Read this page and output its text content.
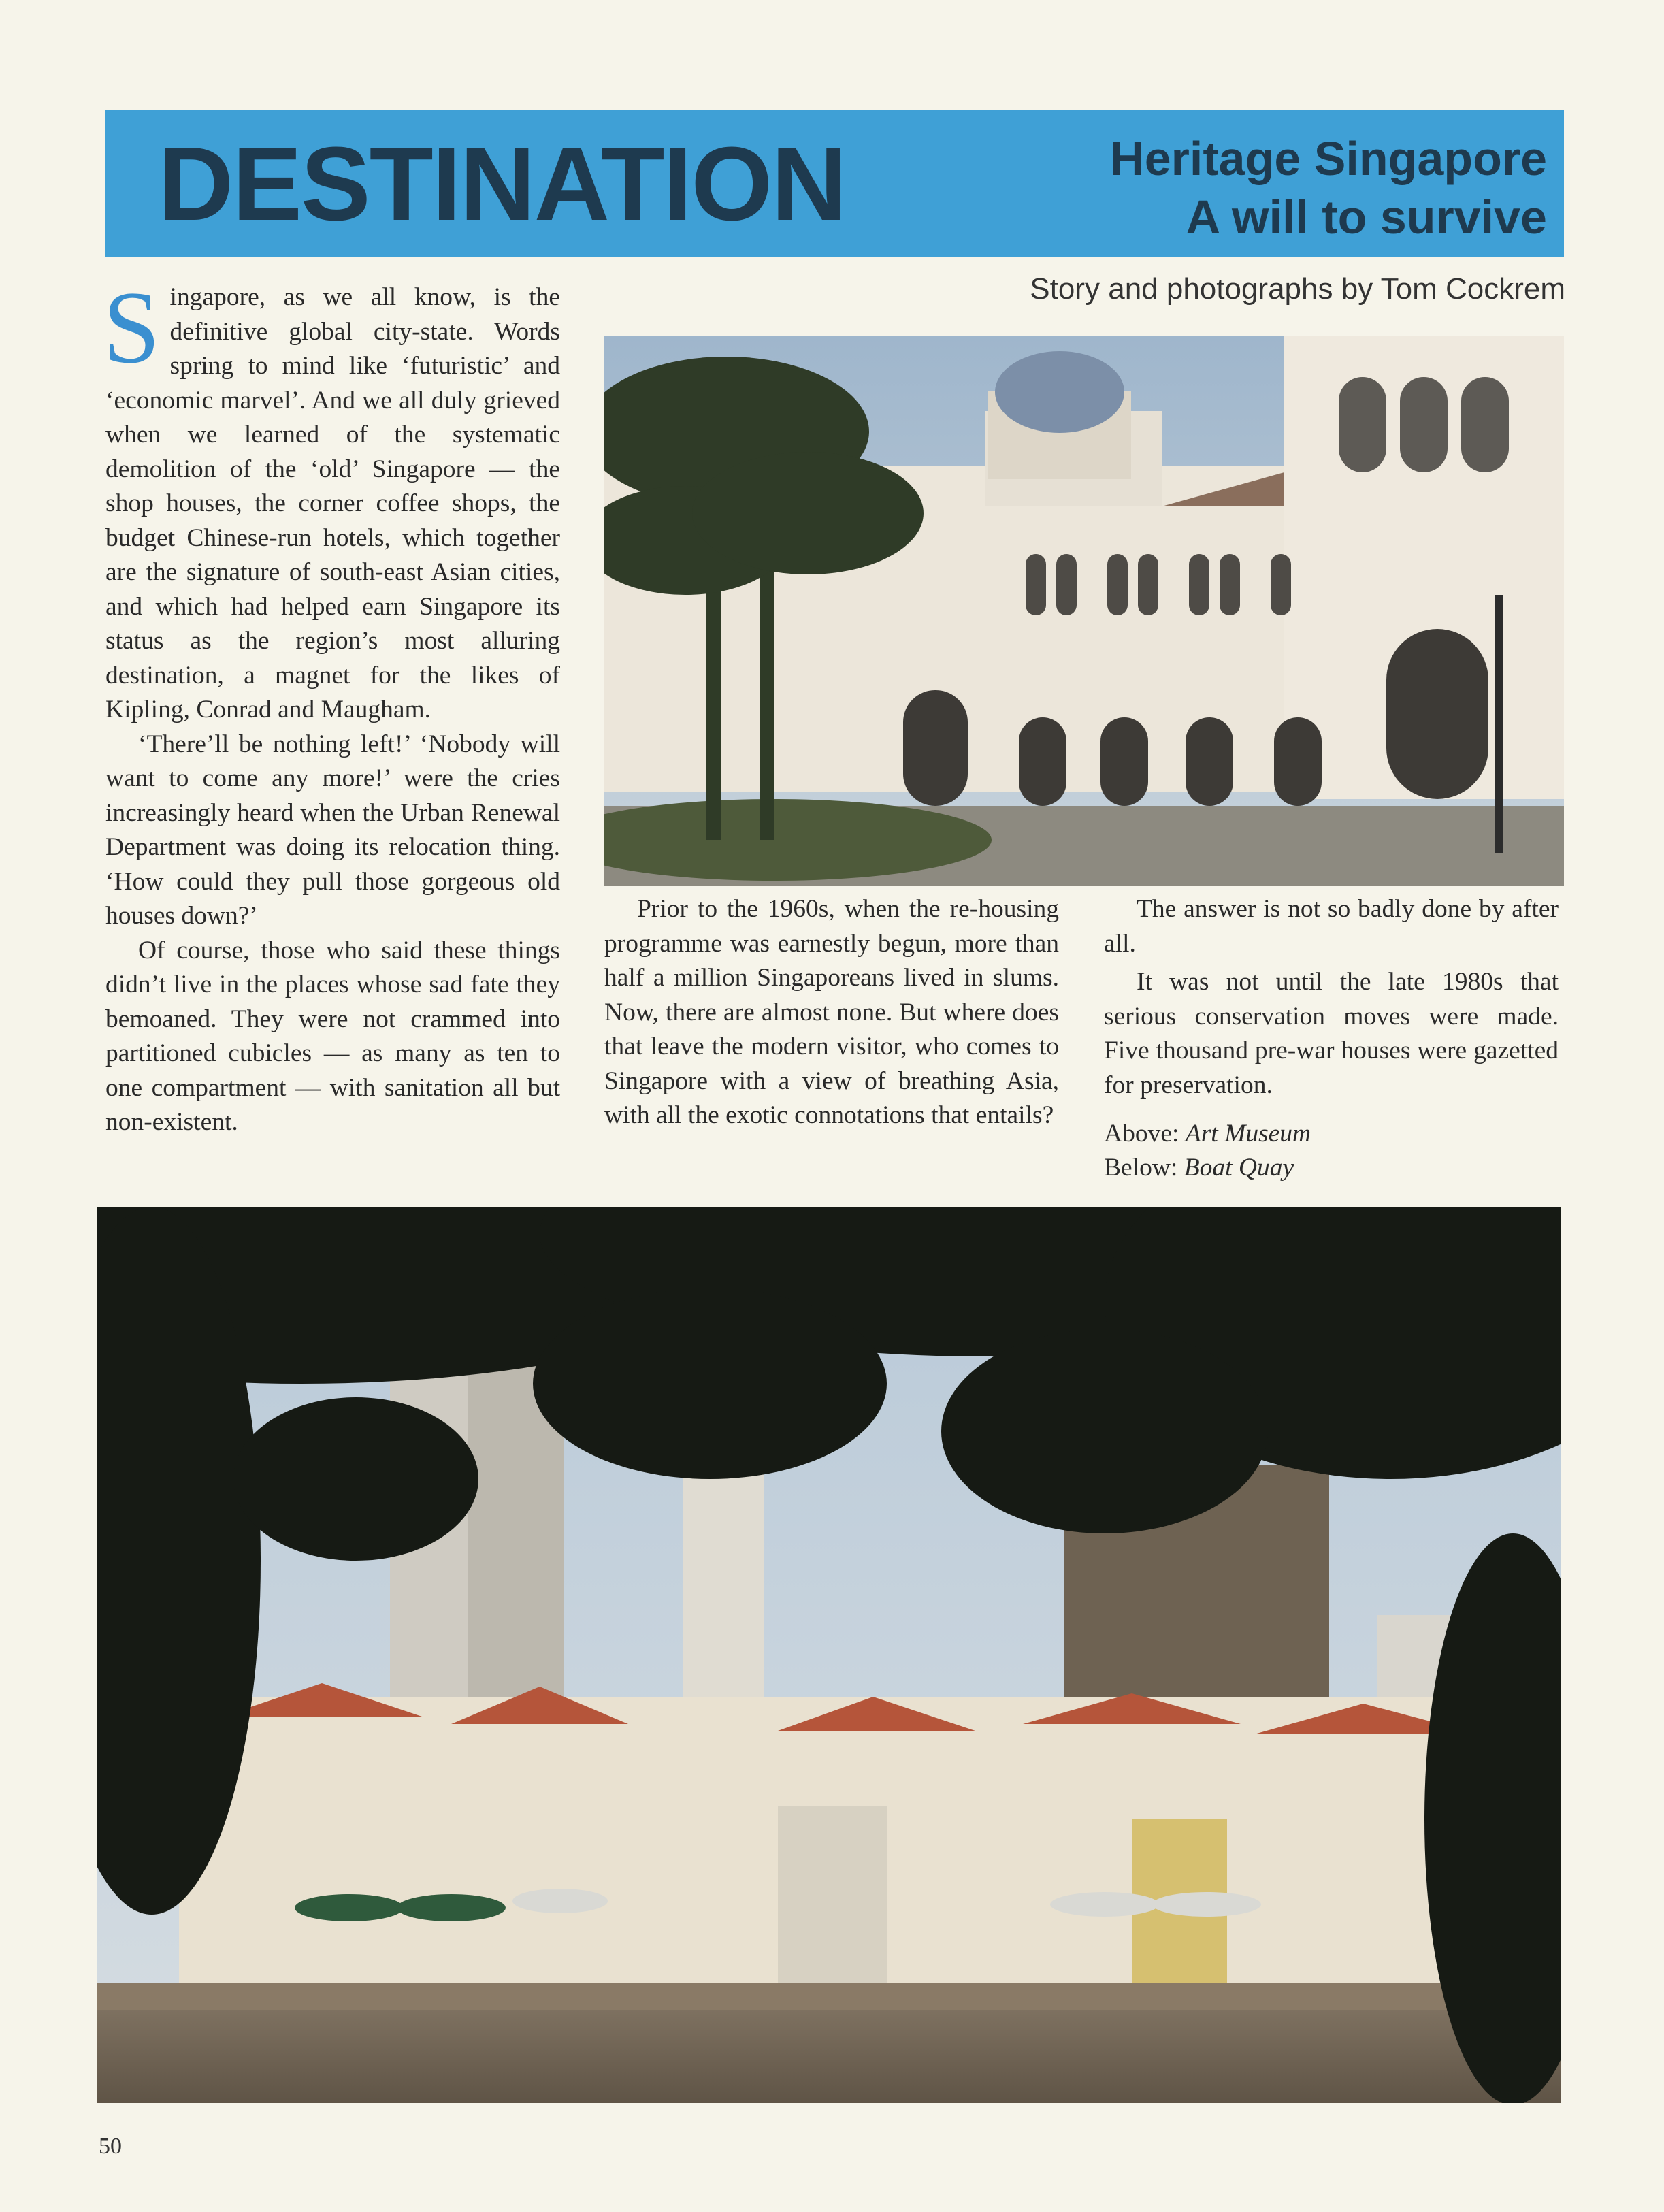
DESTINATION	Heritage Singapore
A will to survive
Story and photographs by Tom Cockrem

Singapore, as we all know, is the definitive global city-state. Words spring to mind like ‘futuristic’ and ‘economic marvel’. And we all duly grieved when we learned of the systematic demolition of the ‘old’ Singapore — the shop houses, the corner coffee shops, the budget Chinese-run hotels, which together are the signature of south-east Asian cities, and which had helped earn Singapore its status as the region’s most alluring destination, a magnet for the likes of Kipling, Conrad and Maugham.

‘There’ll be nothing left!’ ‘Nobody will want to come any more!’ were the cries increasingly heard when the Urban Renewal Department was doing its relocation thing. ‘How could they pull those gorgeous old houses down?’

Of course, those who said these things didn’t live in the places whose sad fate they bemoaned. They were not crammed into partitioned cubicles — as many as ten to one compartment — with sanitation all but non-existent.

Prior to the 1960s, when the re-housing programme was earnestly begun, more than half a million Singaporeans lived in slums. Now, there are almost none. But where does that leave the modern visitor, who comes to Singapore with a view of breathing Asia, with all the exotic connotations that entails?

The answer is not so badly done by after all.

It was not until the late 1980s that serious conservation moves were made. Five thousand pre-war houses were gazetted for preservation.

Above: Art Museum
Below: Boat Quay
50
